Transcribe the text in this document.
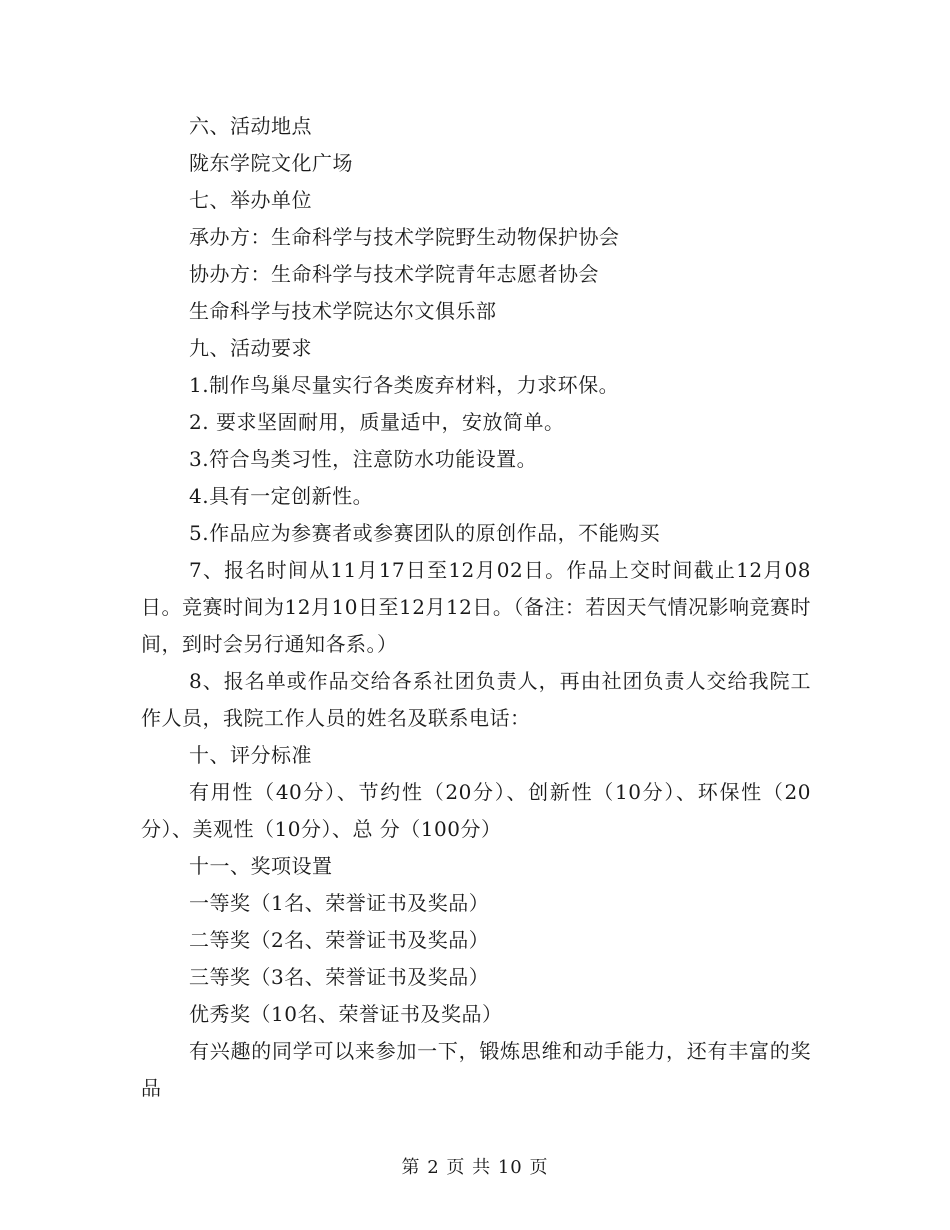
六、活动地点

陇东学院文化广场

七、举办单位

承办方：生命科学与技术学院野生动物保护协会

协办方：生命科学与技术学院青年志愿者协会

生命科学与技术学院达尔文俱乐部

九、活动要求

1.制作鸟巢尽量实行各类废弃材料，力求环保。

2. 要求坚固耐用，质量适中，安放简单。

3.符合鸟类习性，注意防水功能设置。

4.具有一定创新性。

5.作品应为参赛者或参赛团队的原创作品，不能购买

7、报名时间从11月17日至12月02日。作品上交时间截止12月08日。竞赛时间为12月10日至12月12日。（备注：若因天气情况影响竞赛时间，到时会另行通知各系。）

8、报名单或作品交给各系社团负责人，再由社团负责人交给我院工作人员，我院工作人员的姓名及联系电话：

十、评分标准

有用性（40分）、节约性（20分）、创新性（10分）、环保性（20分）、美观性（10分）、总 分（100分）

十一、奖项设置

一等奖（1名、荣誉证书及奖品）

二等奖（2名、荣誉证书及奖品）

三等奖（3名、荣誉证书及奖品）

优秀奖（10名、荣誉证书及奖品）

有兴趣的同学可以来参加一下，锻炼思维和动手能力，还有丰富的奖品

第 2 页 共 10 页
